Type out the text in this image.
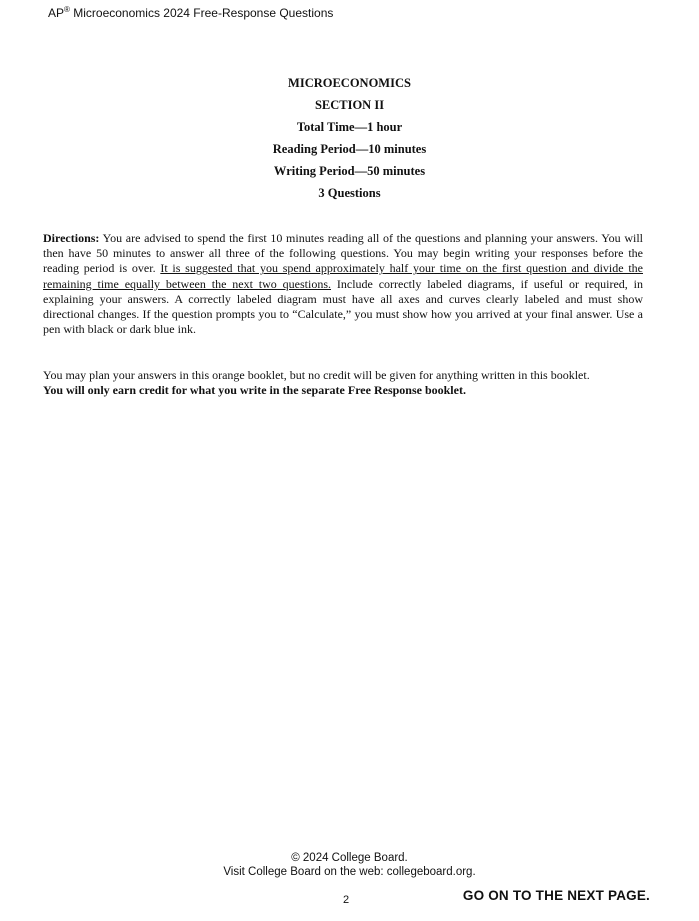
AP® Microeconomics 2024 Free-Response Questions
MICROECONOMICS
SECTION II
Total Time—1 hour
Reading Period—10 minutes
Writing Period—50 minutes
3 Questions
Directions: You are advised to spend the first 10 minutes reading all of the questions and planning your answers. You will then have 50 minutes to answer all three of the following questions. You may begin writing your responses before the reading period is over. It is suggested that you spend approximately half your time on the first question and divide the remaining time equally between the next two questions. Include correctly labeled diagrams, if useful or required, in explaining your answers. A correctly labeled diagram must have all axes and curves clearly labeled and must show directional changes. If the question prompts you to “Calculate,” you must show how you arrived at your final answer. Use a pen with black or dark blue ink.
You may plan your answers in this orange booklet, but no credit will be given for anything written in this booklet.
You will only earn credit for what you write in the separate Free Response booklet.
© 2024 College Board.
Visit College Board on the web: collegeboard.org.
2	GO ON TO THE NEXT PAGE.
